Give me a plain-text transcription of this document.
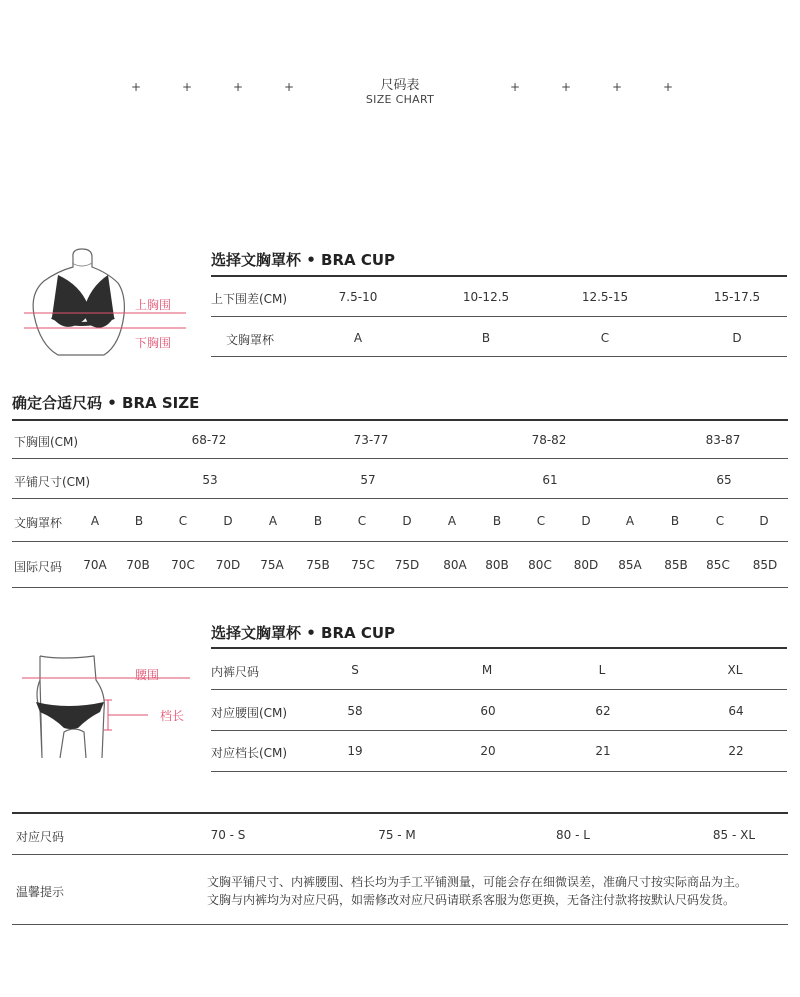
+	+	+	+	尺码表
SIZE CHART
+	+	+	+
上胸围
下胸围
选择文胸罩杯 • BRA CUP
上下围差(CM)	7.5-10	10-12.5	12.5-15	15-17.5
文胸罩杯	A	B	C	D
确定合适尺码 • BRA SIZE
下胸围(CM)	68-72	73-77	78-82	83-87
平铺尺寸(CM)	53	57	61	65
文胸罩杯	A	B	C	D	A	B	C	D	A	B	C	D	A	B	C	D
国际尺码	70A	70B	70C	70D	75A	75B	75C	75D	80A	80B	80C	80D	85A	85B	85C	85D
腰围
档长
选择文胸罩杯 • BRA CUP
内裤尺码	S	M	L	XL
对应腰围(CM)	58	60	62	64
对应档长(CM)	19	20	21	22
对应尺码	70 - S	75 - M	80 - L	85 - XL
温馨提示
文胸平铺尺寸、内裤腰围、档长均为手工平铺测量，可能会存在细微误差，准确尺寸按实际商品为主。
文胸与内裤均为对应尺码，如需修改对应尺码请联系客服为您更换，无备注付款将按默认尺码发货。
